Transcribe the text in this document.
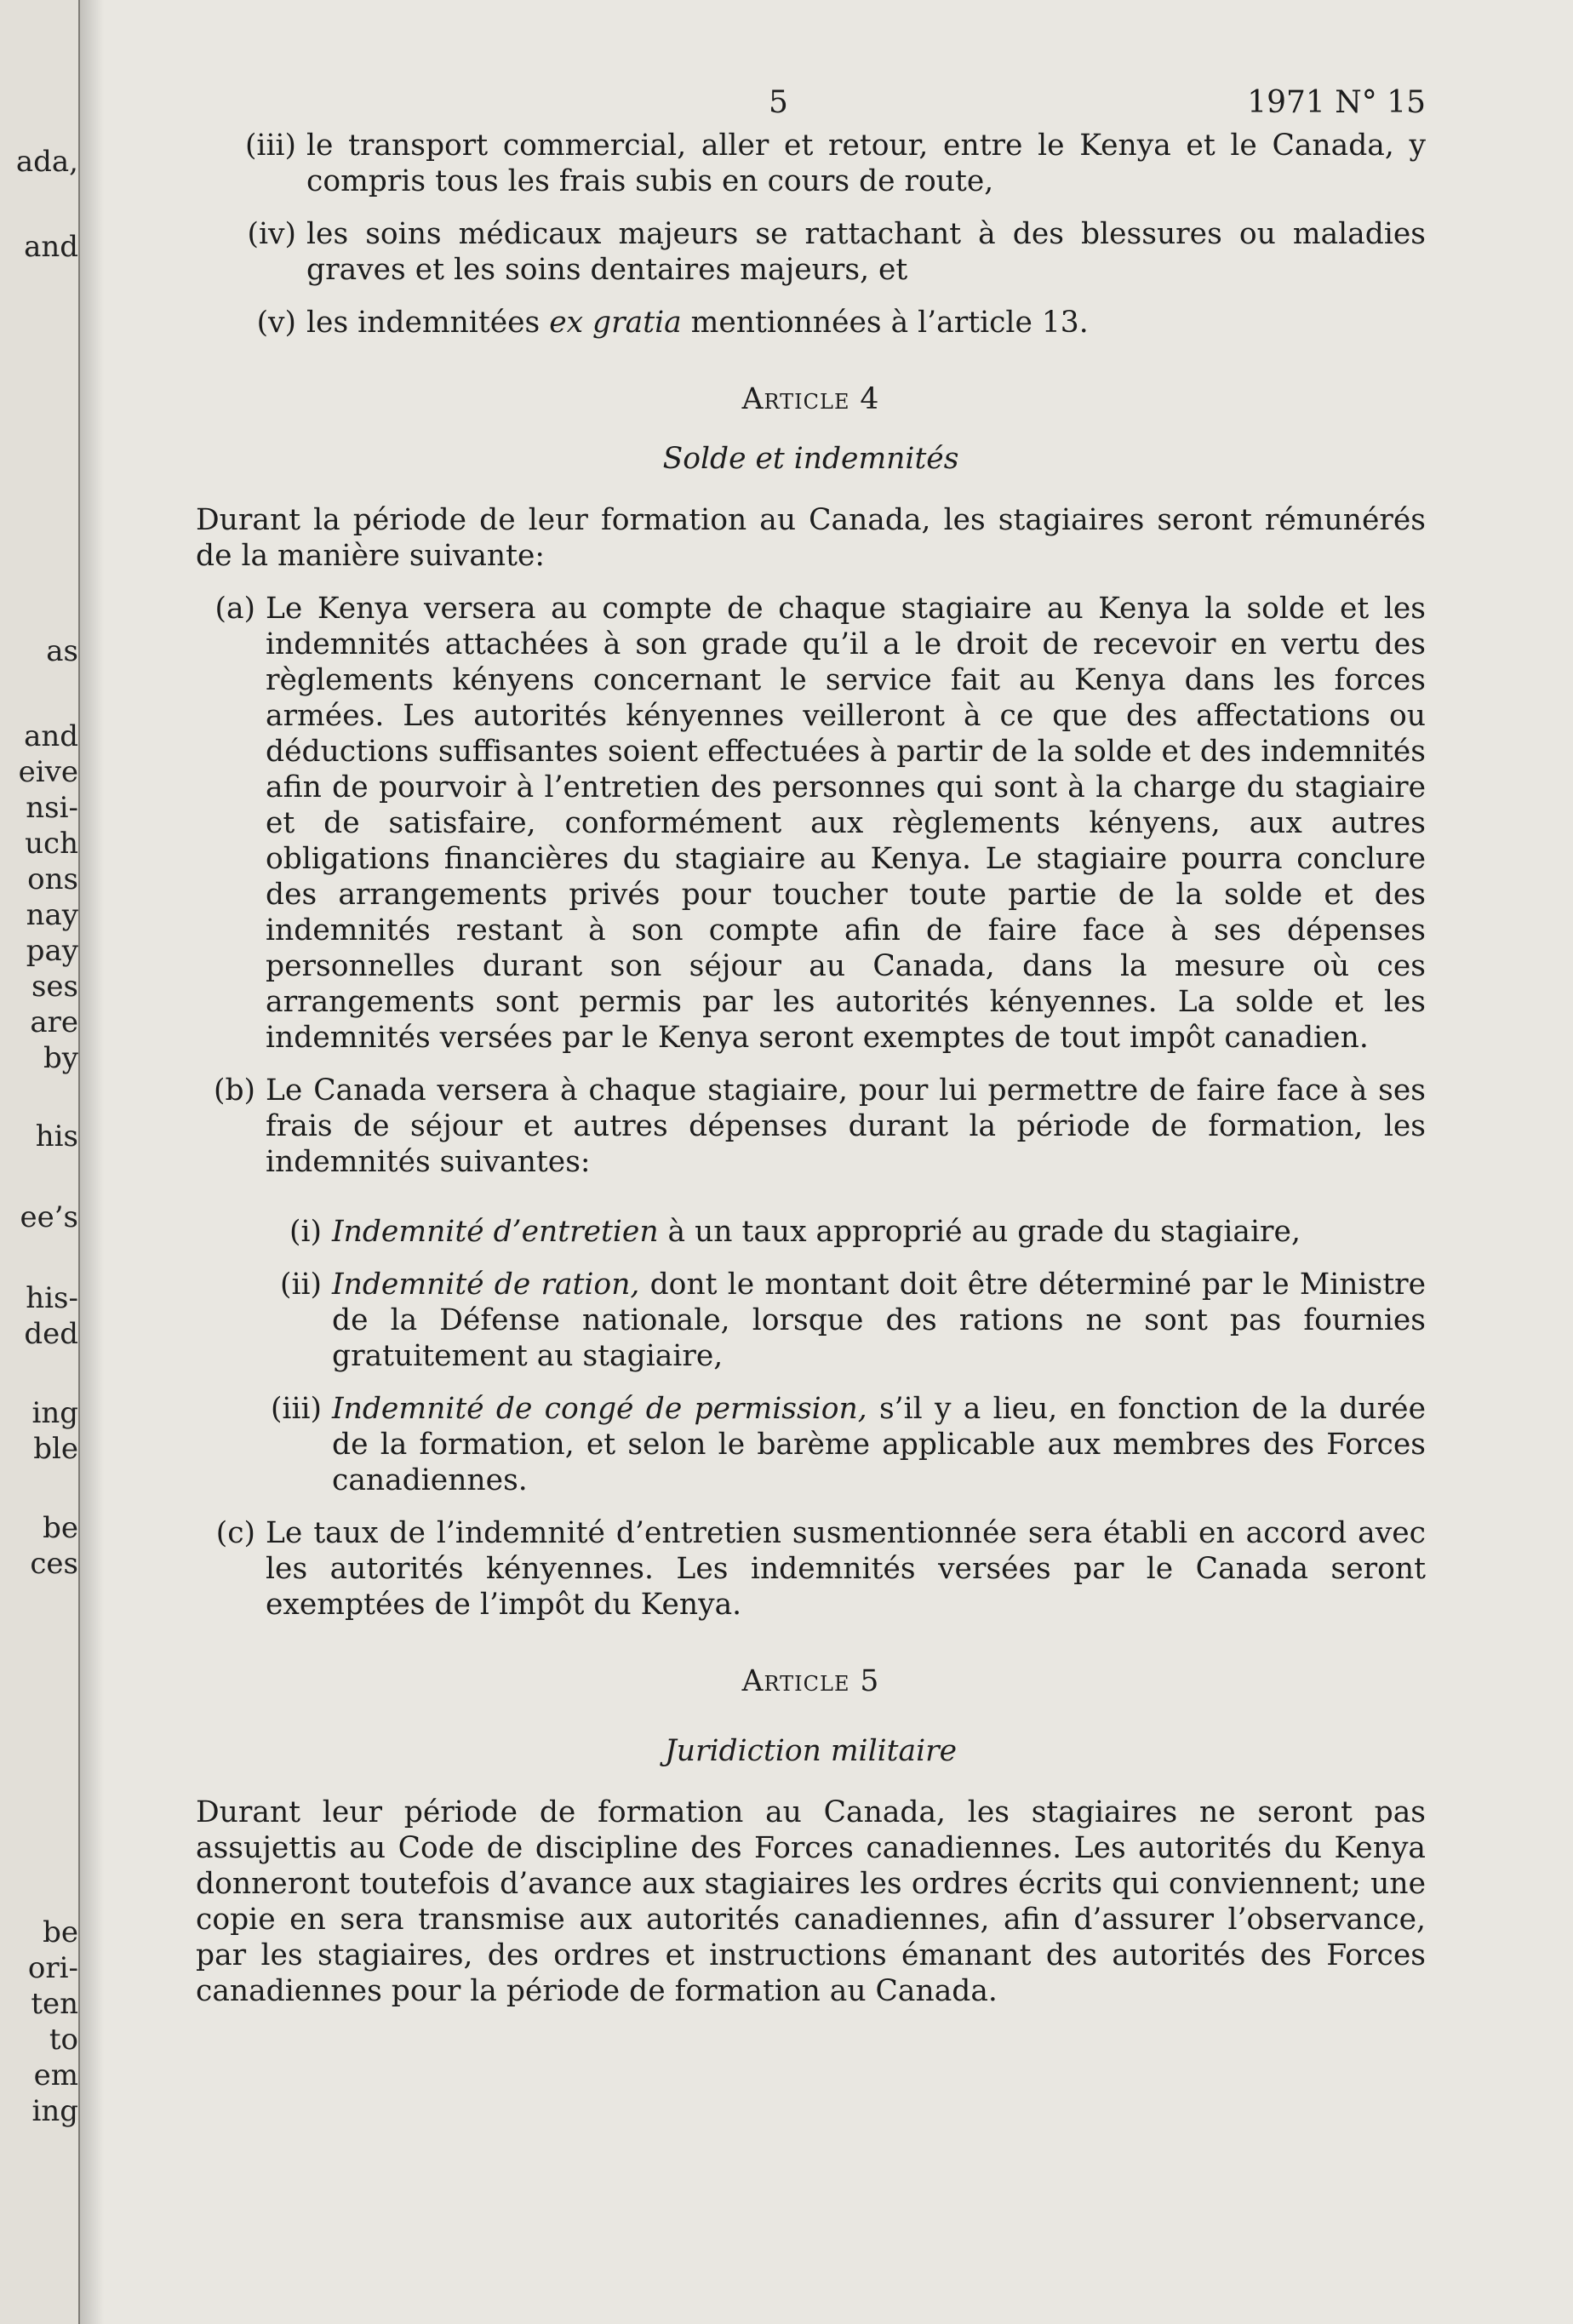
ada,
and
as
and
eive
nsi-
uch
ons
nay
pay
ses
are
by
his
ee’s
his-
ded
ing
ble
be
ces
be
ori-
ten
to
em
ing
5	1971 N° 15
(iii) le transport commercial, aller et retour, entre le Kenya et le Canada, y compris tous les frais subis en cours de route,
(iv) les soins médicaux majeurs se rattachant à des blessures ou maladies graves et les soins dentaires majeurs, et
(v) les indemnitées ex gratia mentionnées à l’article 13.
Article 4
Solde et indemnités

Durant la période de leur formation au Canada, les stagiaires seront rémunérés de la manière suivante:

(a) Le Kenya versera au compte de chaque stagiaire au Kenya la solde et les indemnités attachées à son grade qu’il a le droit de recevoir en vertu des règlements kényens concernant le service fait au Kenya dans les forces armées. Les autorités kényennes veilleront à ce que des affectations ou déductions suffisantes soient effectuées à partir de la solde et des indemnités afin de pourvoir à l’entretien des personnes qui sont à la charge du stagiaire et de satisfaire, conformément aux règlements kényens, aux autres obligations financières du stagiaire au Kenya. Le stagiaire pourra conclure des arrangements privés pour toucher toute partie de la solde et des indemnités restant à son compte afin de faire face à ses dépenses personnelles durant son séjour au Canada, dans la mesure où ces arrangements sont permis par les autorités kényennes. La solde et les indemnités versées par le Kenya seront exemptes de tout impôt canadien.
(b) Le Canada versera à chaque stagiaire, pour lui permettre de faire face à ses frais de séjour et autres dépenses durant la période de formation, les indemnités suivantes:
(i) Indemnité d’entretien à un taux approprié au grade du stagiaire,
(ii) Indemnité de ration, dont le montant doit être déterminé par le Ministre de la Défense nationale, lorsque des rations ne sont pas fournies gratuitement au stagiaire,
(iii) Indemnité de congé de permission, s’il y a lieu, en fonction de la durée de la formation, et selon le barème applicable aux membres des Forces canadiennes.
(c) Le taux de l’indemnité d’entretien susmentionnée sera établi en accord avec les autorités kényennes. Les indemnités versées par le Canada seront exemptées de l’impôt du Kenya.
Article 5
Juridiction militaire

Durant leur période de formation au Canada, les stagiaires ne seront pas assujettis au Code de discipline des Forces canadiennes. Les autorités du Kenya donneront toutefois d’avance aux stagiaires les ordres écrits qui conviennent; une copie en sera transmise aux autorités canadiennes, afin d’assurer l’observance, par les stagiaires, des ordres et instructions émanant des autorités des Forces canadiennes pour la période de formation au Canada.
